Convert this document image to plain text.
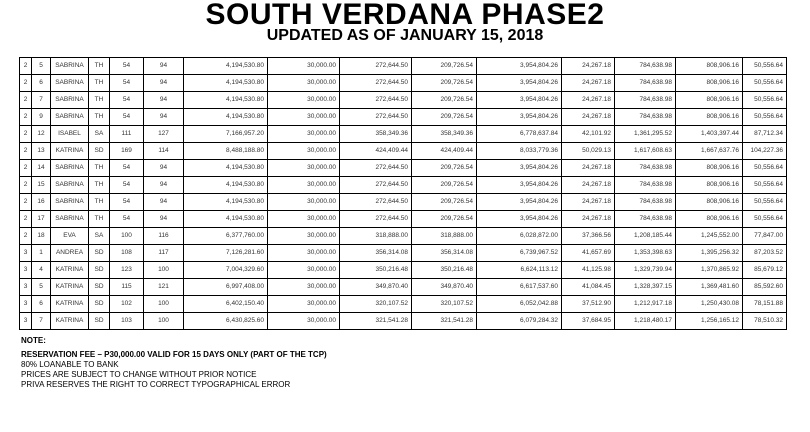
SOUTH VERDANA PHASE2
UPDATED AS OF JANUARY 15, 2018
2	5	SABRINA	TH	54	94	4,194,530.80	30,000.00	272,644.50	209,726.54	3,954,804.26	24,267.18	784,638.98	808,906.16	50,556.64
2	6	SABRINA	TH	54	94	4,194,530.80	30,000.00	272,644.50	209,726.54	3,954,804.26	24,267.18	784,638.98	808,906.16	50,556.64
2	7	SABRINA	TH	54	94	4,194,530.80	30,000.00	272,644.50	209,726.54	3,954,804.26	24,267.18	784,638.98	808,906.16	50,556.64
2	9	SABRINA	TH	54	94	4,194,530.80	30,000.00	272,644.50	209,726.54	3,954,804.26	24,267.18	784,638.98	808,906.16	50,556.64
2	12	ISABEL	SA	111	127	7,166,957.20	30,000.00	358,349.36	358,349.36	6,778,637.84	42,101.92	1,361,295.52	1,403,397.44	87,712.34
2	13	KATRINA	SD	169	114	8,488,188.80	30,000.00	424,409.44	424,409.44	8,033,779.36	50,029.13	1,617,608.63	1,667,637.76	104,227.36
2	14	SABRINA	TH	54	94	4,194,530.80	30,000.00	272,644.50	209,726.54	3,954,804.26	24,267.18	784,638.98	808,906.16	50,556.64
2	15	SABRINA	TH	54	94	4,194,530.80	30,000.00	272,644.50	209,726.54	3,954,804.26	24,267.18	784,638.98	808,906.16	50,556.64
2	16	SABRINA	TH	54	94	4,194,530.80	30,000.00	272,644.50	209,726.54	3,954,804.26	24,267.18	784,638.98	808,906.16	50,556.64
2	17	SABRINA	TH	54	94	4,194,530.80	30,000.00	272,644.50	209,726.54	3,954,804.26	24,267.18	784,638.98	808,906.16	50,556.64
2	18	EVA	SA	100	116	6,377,760.00	30,000.00	318,888.00	318,888.00	6,028,872.00	37,366.56	1,208,185.44	1,245,552.00	77,847.00
3	1	ANDREA	SD	108	117	7,126,281.60	30,000.00	356,314.08	356,314.08	6,739,967.52	41,657.69	1,353,398.63	1,395,256.32	87,203.52
3	4	KATRINA	SD	123	100	7,004,329.60	30,000.00	350,216.48	350,216.48	6,624,113.12	41,125.98	1,329,739.94	1,370,865.92	85,679.12
3	5	KATRINA	SD	115	121	6,997,408.00	30,000.00	349,870.40	349,870.40	6,617,537.60	41,084.45	1,328,397.15	1,369,481.60	85,592.60
3	6	KATRINA	SD	102	100	6,402,150.40	30,000.00	320,107.52	320,107.52	6,052,042.88	37,512.90	1,212,917.18	1,250,430.08	78,151.88
3	7	KATRINA	SD	103	100	6,430,825.60	30,000.00	321,541.28	321,541.28	6,079,284.32	37,684.95	1,218,480.17	1,256,165.12	78,510.32
NOTE:
RESERVATION FEE – P30,000.00 VALID FOR 15 DAYS ONLY (PART OF THE TCP)
80% LOANABLE TO BANK
PRICES ARE SUBJECT TO CHANGE WITHOUT PRIOR NOTICE
PRIVA RESERVES THE RIGHT TO CORRECT TYPOGRAPHICAL ERROR
